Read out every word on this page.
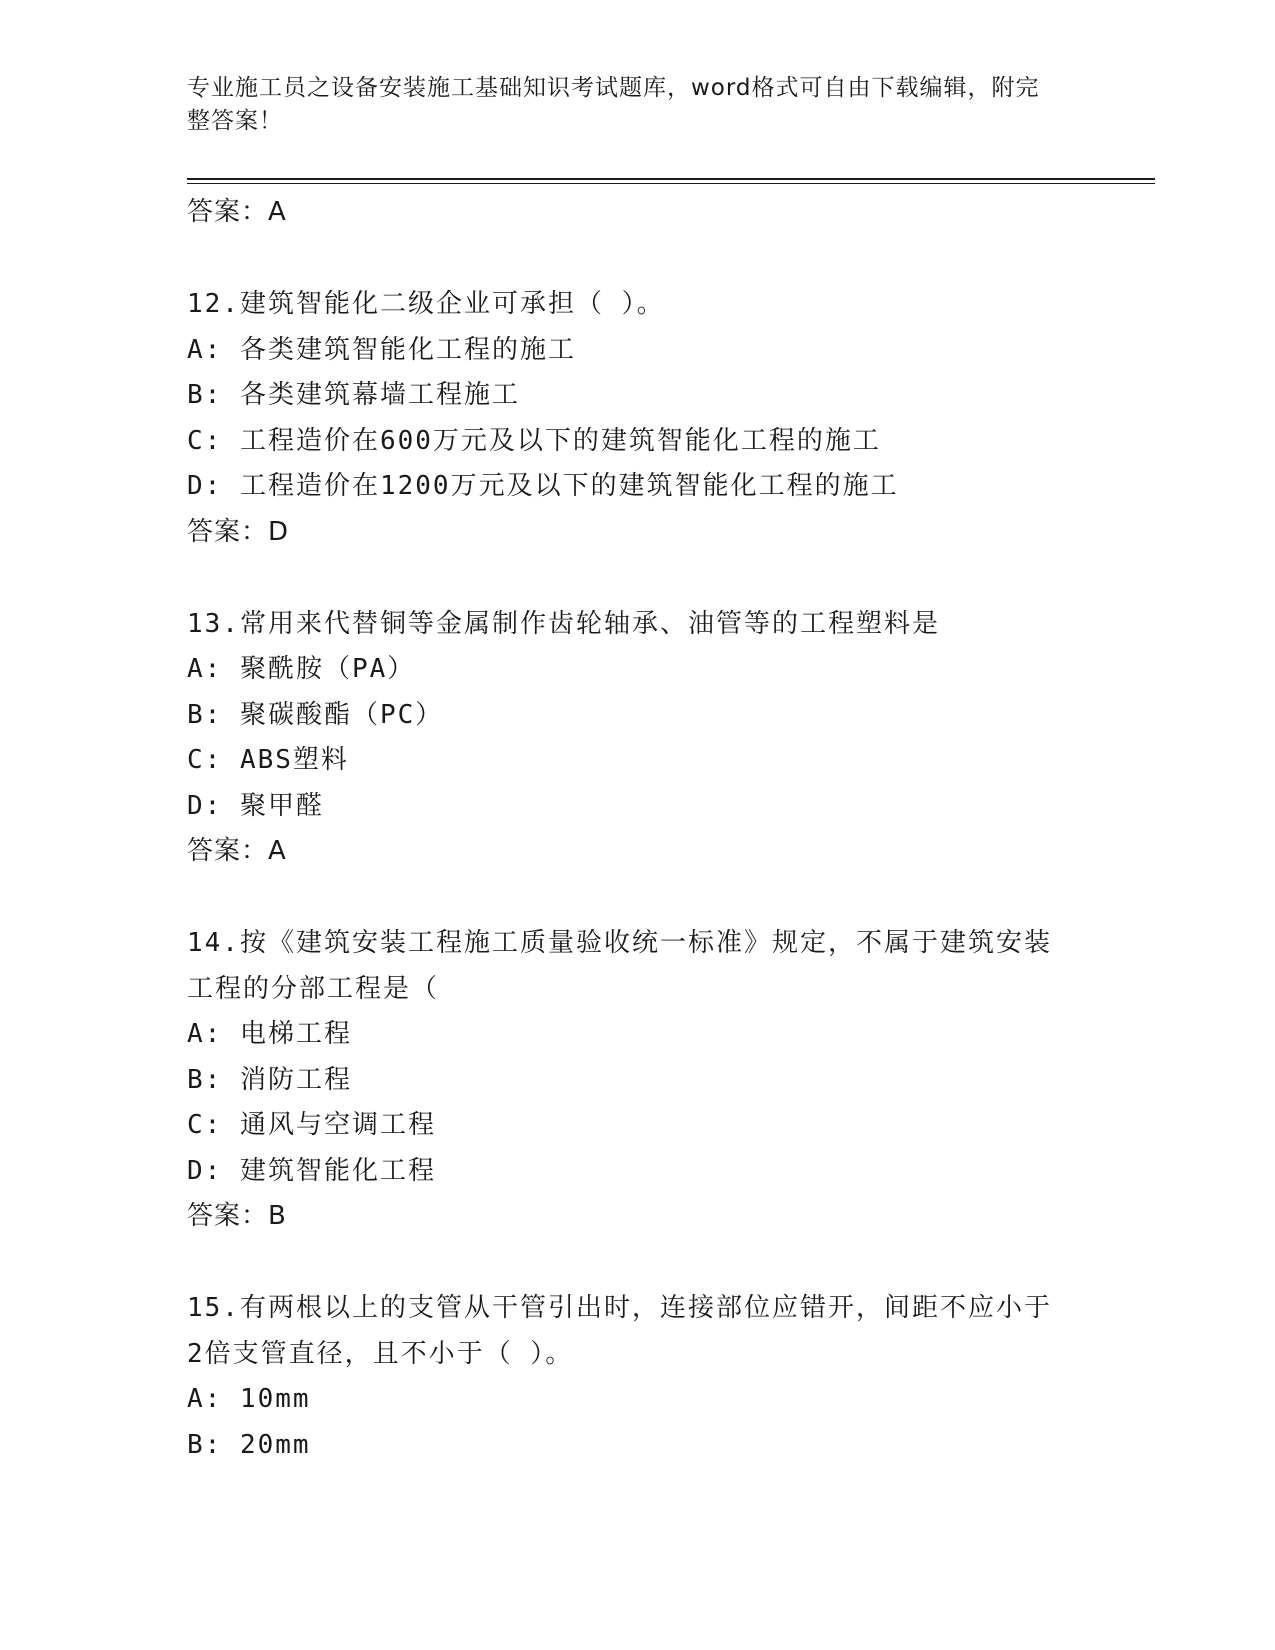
专业施工员之设备安装施工基础知识考试题库，word格式可自由下载编辑，附完
整答案！
答案：A
12.建筑智能化二级企业可承担（ ）。
A: 各类建筑智能化工程的施工
B: 各类建筑幕墙工程施工
C: 工程造价在600万元及以下的建筑智能化工程的施工
D: 工程造价在1200万元及以下的建筑智能化工程的施工
答案：D
13.常用来代替铜等金属制作齿轮轴承、油管等的工程塑料是
A: 聚酰胺（PA）
B: 聚碳酸酯（PC）
C: ABS塑料
D: 聚甲醛
答案：A
14.按《建筑安装工程施工质量验收统一标准》规定，不属于建筑安装
工程的分部工程是（
A: 电梯工程
B: 消防工程
C: 通风与空调工程
D: 建筑智能化工程
答案：B
15.有两根以上的支管从干管引出时，连接部位应错开，间距不应小于
2倍支管直径，且不小于（ ）。
A: 10mm
B: 20mm
